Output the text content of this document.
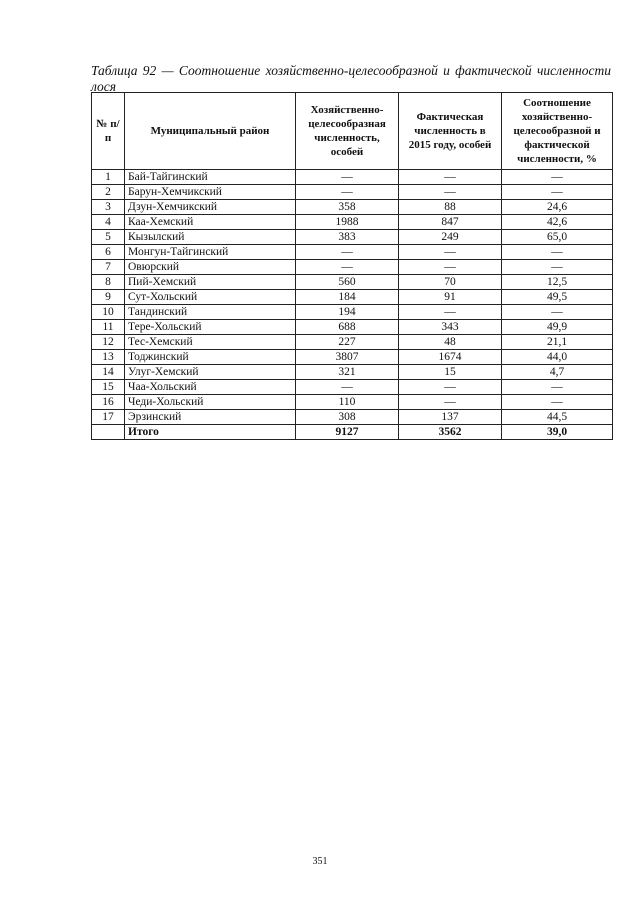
Таблица 92 — Соотношение хозяйственно-целесообразной и фактической численности лося
№ п/п	Муниципальный район	Хозяйственно-целесообразная численность, особей	Фактическая численность в 2015 году, особей	Соотношение хозяйственно-целесообразной и фактической численности, %
1	Бай-Тайгинский	—	—	—
2	Барун-Хемчикский	—	—	—
3	Дзун-Хемчикский	358	88	24,6
4	Каа-Хемский	1988	847	42,6
5	Кызылский	383	249	65,0
6	Монгун-Тайгинский	—	—	—
7	Овюрский	—	—	—
8	Пий-Хемский	560	70	12,5
9	Сут-Хольский	184	91	49,5
10	Тандинский	194	—	—
11	Тере-Хольский	688	343	49,9
12	Тес-Хемский	227	48	21,1
13	Тоджинский	3807	1674	44,0
14	Улуг-Хемский	321	15	4,7
15	Чаа-Хольский	—	—	—
16	Чеди-Хольский	110	—	—
17	Эрзинский	308	137	44,5
	Итого	9127	3562	39,0
351
